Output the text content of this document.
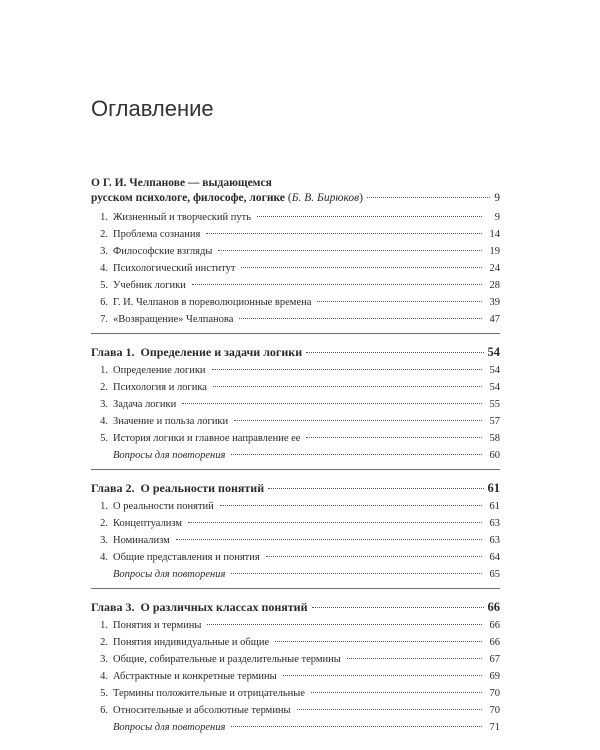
Оглавление
О Г. И. Челпанове — выдающемся
русском психологе, философе, логике ( Б. В. Бирюков )	9
1. Жизненный и творческий путь	9
2. Проблема сознания	14
3. Философские взгляды	19
4. Психологический институт	24
5. Учебник логики	28
6. Г. И. Челпанов в пореволюционные времена	39
7. «Возвращение» Челпанова	47
Глава 1.  Определение и задачи логики	54
1. Определение логики	54
2. Психология и логика	54
3. Задача логики	55
4. Значение и польза логики	57
5. История логики и главное направление ее	58
Вопросы для повторения	60
Глава 2.  О реальности понятий	61
1. О реальности понятий	61
2. Концептуализм	63
3. Номинализм	63
4. Общие представления и понятия	64
Вопросы для повторения	65
Глава 3.  О различных классах понятий	66
1. Понятия и термины	66
2. Понятия индивидуальные и общие	66
3. Общие, собирательные и разделительные термины	67
4. Абстрактные и конкретные термины	69
5. Термины положительные и отрицательные	70
6. Относительные и абсолютные термины	70
Вопросы для повторения	71
